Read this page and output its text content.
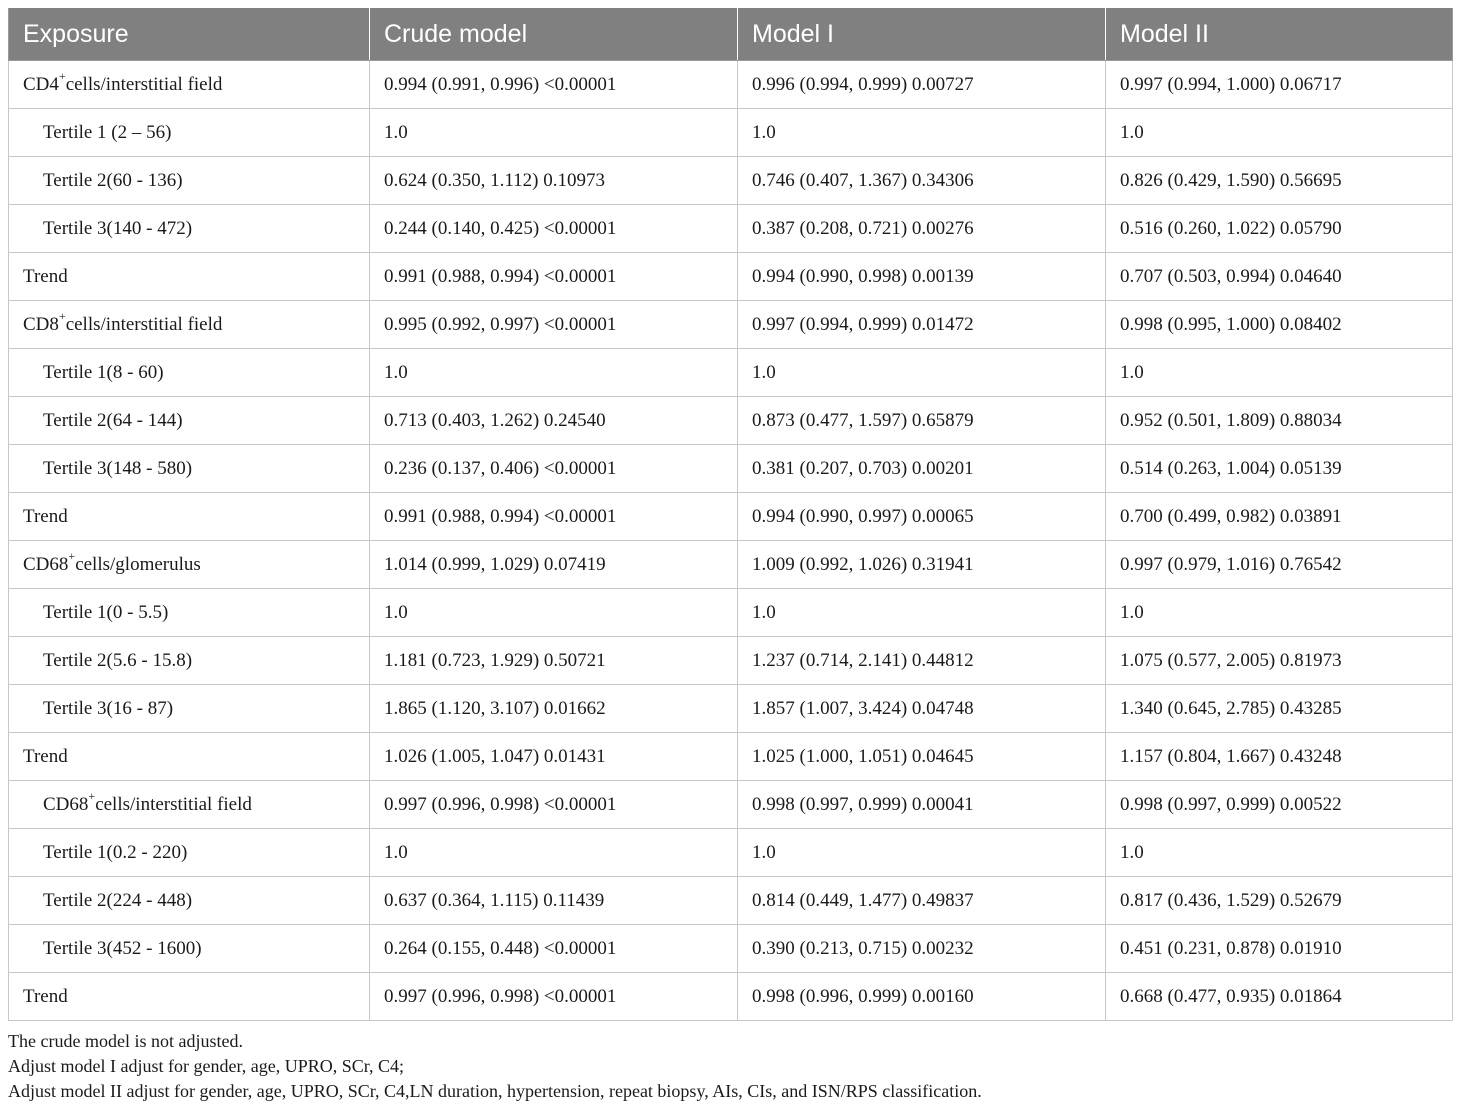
Exposure	Crude model	Model I	Model II
CD4+cells/interstitial field	0.994 (0.991, 0.996) <0.00001	0.996 (0.994, 0.999) 0.00727	0.997 (0.994, 1.000) 0.06717
Tertile 1 (2 – 56)	1.0	1.0	1.0
Tertile 2(60 - 136)	0.624 (0.350, 1.112) 0.10973	0.746 (0.407, 1.367) 0.34306	0.826 (0.429, 1.590) 0.56695
Tertile 3(140 - 472)	0.244 (0.140, 0.425) <0.00001	0.387 (0.208, 0.721) 0.00276	0.516 (0.260, 1.022) 0.05790
Trend	0.991 (0.988, 0.994) <0.00001	0.994 (0.990, 0.998) 0.00139	0.707 (0.503, 0.994) 0.04640
CD8+cells/interstitial field	0.995 (0.992, 0.997) <0.00001	0.997 (0.994, 0.999) 0.01472	0.998 (0.995, 1.000) 0.08402
Tertile 1(8 - 60)	1.0	1.0	1.0
Tertile 2(64 - 144)	0.713 (0.403, 1.262) 0.24540	0.873 (0.477, 1.597) 0.65879	0.952 (0.501, 1.809) 0.88034
Tertile 3(148 - 580)	0.236 (0.137, 0.406) <0.00001	0.381 (0.207, 0.703) 0.00201	0.514 (0.263, 1.004) 0.05139
Trend	0.991 (0.988, 0.994) <0.00001	0.994 (0.990, 0.997) 0.00065	0.700 (0.499, 0.982) 0.03891
CD68+cells/glomerulus	1.014 (0.999, 1.029) 0.07419	1.009 (0.992, 1.026) 0.31941	0.997 (0.979, 1.016) 0.76542
Tertile 1(0 - 5.5)	1.0	1.0	1.0
Tertile 2(5.6 - 15.8)	1.181 (0.723, 1.929) 0.50721	1.237 (0.714, 2.141) 0.44812	1.075 (0.577, 2.005) 0.81973
Tertile 3(16 - 87)	1.865 (1.120, 3.107) 0.01662	1.857 (1.007, 3.424) 0.04748	1.340 (0.645, 2.785) 0.43285
Trend	1.026 (1.005, 1.047) 0.01431	1.025 (1.000, 1.051) 0.04645	1.157 (0.804, 1.667) 0.43248
CD68+cells/interstitial field	0.997 (0.996, 0.998) <0.00001	0.998 (0.997, 0.999) 0.00041	0.998 (0.997, 0.999) 0.00522
Tertile 1(0.2 - 220)	1.0	1.0	1.0
Tertile 2(224 - 448)	0.637 (0.364, 1.115) 0.11439	0.814 (0.449, 1.477) 0.49837	0.817 (0.436, 1.529) 0.52679
Tertile 3(452 - 1600)	0.264 (0.155, 0.448) <0.00001	0.390 (0.213, 0.715) 0.00232	0.451 (0.231, 0.878) 0.01910
Trend	0.997 (0.996, 0.998) <0.00001	0.998 (0.996, 0.999) 0.00160	0.668 (0.477, 0.935) 0.01864
The crude model is not adjusted.
Adjust model I adjust for gender, age, UPRO, SCr, C4;
Adjust model II adjust for gender, age, UPRO, SCr, C4,LN duration, hypertension, repeat biopsy, AIs, CIs, and ISN/RPS classification.
